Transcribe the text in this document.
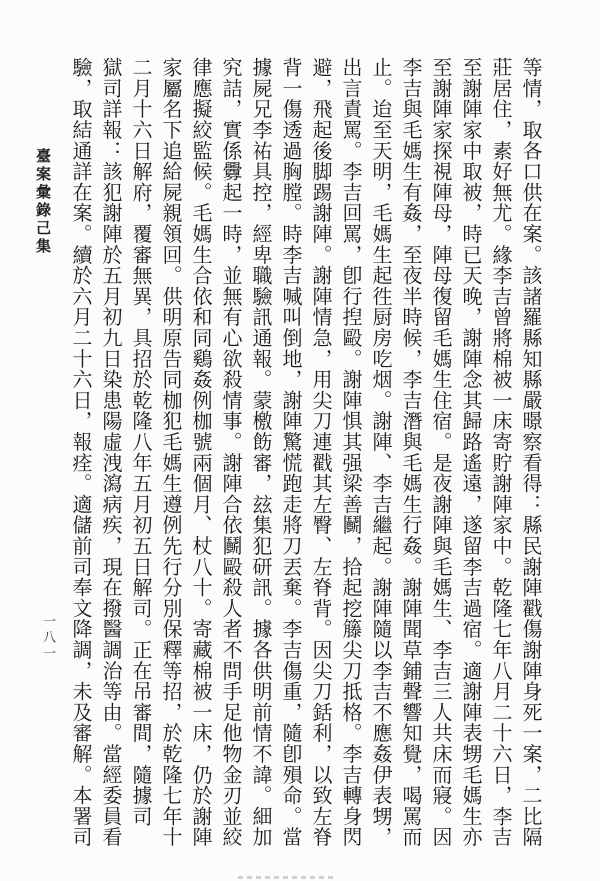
臺案彙錄己集
一八一	等情，取各口供在案。該諸羅縣知縣嚴暻察看得：縣民謝陣戳傷謝陣身死一案，二比隔
莊居住，素好無尤。緣李吉曾將棉被一床寄貯謝陣家中。乾隆七年八月二十六日，李吉
至謝陣家中取被，時已天晚，謝陣念其歸路遙遠，遂留李吉過宿。適謝陣表甥毛媽生亦
至謝陣家探視陣母，陣母復留毛媽生住宿。是夜謝陣與毛媽生、李吉三人共床而寢。因
李吉與毛媽生有姦，至夜半時候，李吉潛與毛媽生行姦。謝陣聞草鋪聲響知覺，喝罵而
止。迨至天明，毛媽生起徃厨房吃烟。謝陣、李吉繼起。謝陣隨以李吉不應姦伊表甥，
出言責罵。李吉回罵，卽行揑毆。謝陣惧其强梁善鬭，拾起挖籐尖刀抵格。李吉轉身閃
避，飛起後脚踢謝陣。謝陣情急，用尖刀連戳其左臀、左脊背。因尖刀銛利，以致左脊
背一傷透過胸膛。時李吉喊叫倒地，謝陣驚慌跑走將刀丟棄。李吉傷重，隨卽殞命。當
據屍兄李祐具控，經卑職驗訊通報。蒙檄飭審，玆集犯研訊。據各供明前情不諱。細加
究詰，實係釁起一時，並無有心欲殺情事。謝陣合依鬭毆殺人者不問手足他物金刃並絞
律應擬絞監候。毛媽生合依和同鷄姦例枷號兩個月、杖八十。寄藏棉被一床，仍於謝陣
家屬名下追給屍親領回。供明原告同枷犯毛媽生遵例先行分別保釋等招，於乾隆七年十
二月十六日解府，覆審無異，具招於乾隆八年五月初五日解司。正在吊審間，隨據司
獄司詳報：該犯謝陣於五月初九日染患陽虛洩瀉病疾，現在撥醫調治等由。當經委員看
驗，取結通詳在案。續於六月二十六日，報痊。適儲前司奉文降調，未及審解。本署司
